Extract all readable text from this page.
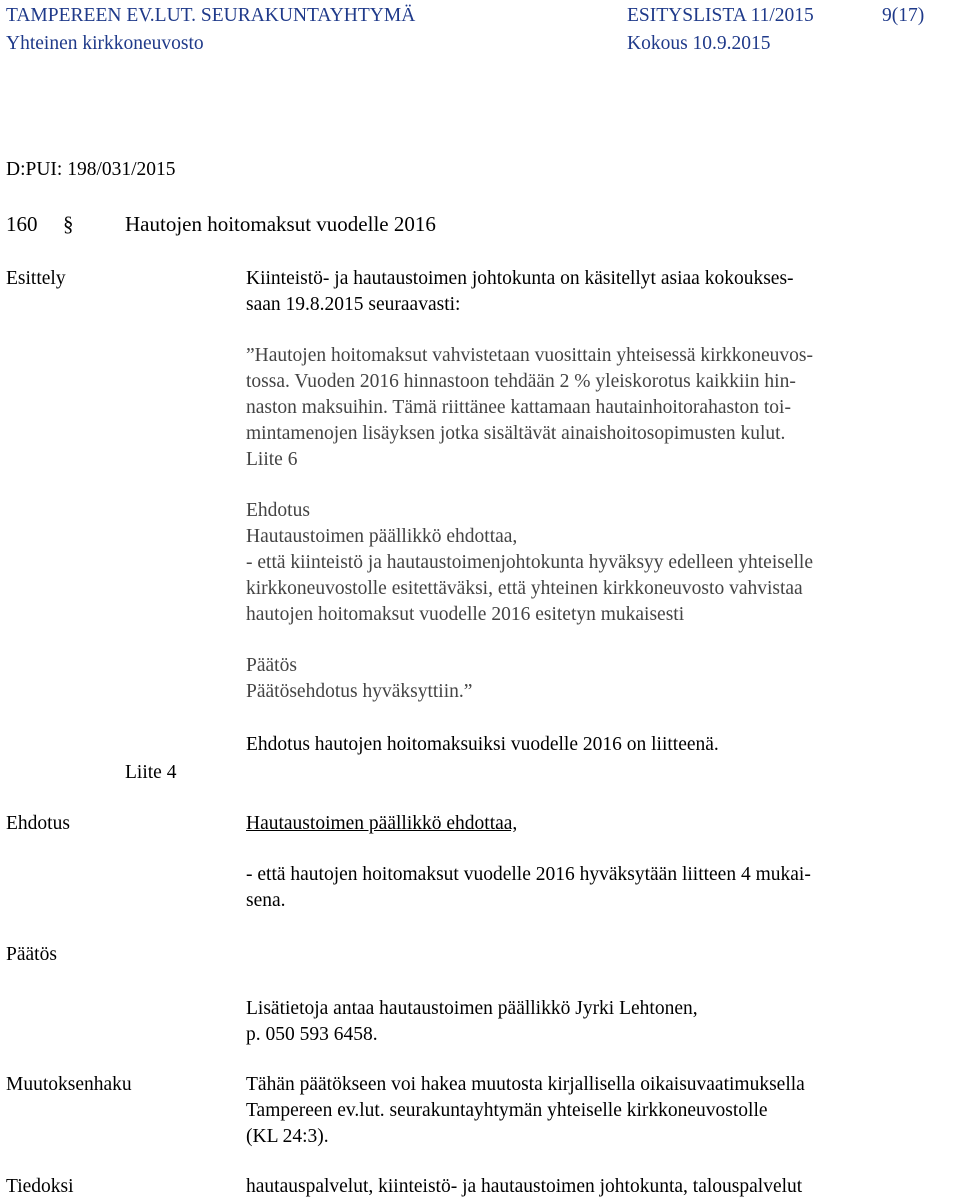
TAMPEREEN EV.LUT. SEURAKUNTAYHTYMÄ	ESITYSLISTA 11/2015	9(17)
Yhteinen kirkkoneuvosto	Kokous 10.9.2015
D:PUI: 198/031/2015
160 § Hautojen hoitomaksut vuodelle 2016
Esittely	Kiinteistö- ja hautaustoimen johtokunta on käsitellyt asiaa kokoukses-
saan 19.8.2015 seuraavasti:
”Hautojen hoitomaksut vahvistetaan vuosittain yhteisessä kirkkoneuvos-
tossa. Vuoden 2016 hinnastoon tehdään 2 % yleiskorotus kaikkiin hin-
naston maksuihin. Tämä riittänee kattamaan hautainhoitorahaston toi-
mintamenojen lisäyksen jotka sisältävät ainaishoitosopimusten kulut.
Liite 6
Ehdotus
Hautaustoimen päällikkö ehdottaa,
- että kiinteistö ja hautaustoimenjohtokunta hyväksyy edelleen yhteiselle
kirkkoneuvostolle esitettäväksi, että yhteinen kirkkoneuvosto vahvistaa
hautojen hoitomaksut vuodelle 2016 esitetyn mukaisesti
Päätös
Päätösehdotus hyväksyttiin.”
Ehdotus hautojen hoitomaksuiksi vuodelle 2016 on liitteenä.
Liite 4
Ehdotus	Hautaustoimen päällikkö ehdottaa,
- että hautojen hoitomaksut vuodelle 2016 hyväksytään liitteen 4 mukai-
sena.
Päätös
Lisätietoja antaa hautaustoimen päällikkö Jyrki Lehtonen,
p. 050 593 6458.
Muutoksenhaku	Tähän päätökseen voi hakea muutosta kirjallisella oikaisuvaatimuksella
Tampereen ev.lut. seurakuntayhtymän yhteiselle kirkkoneuvostolle
(KL 24:3).
Tiedoksi	hautauspalvelut, kiinteistö- ja hautaustoimen johtokunta, talouspalvelut
